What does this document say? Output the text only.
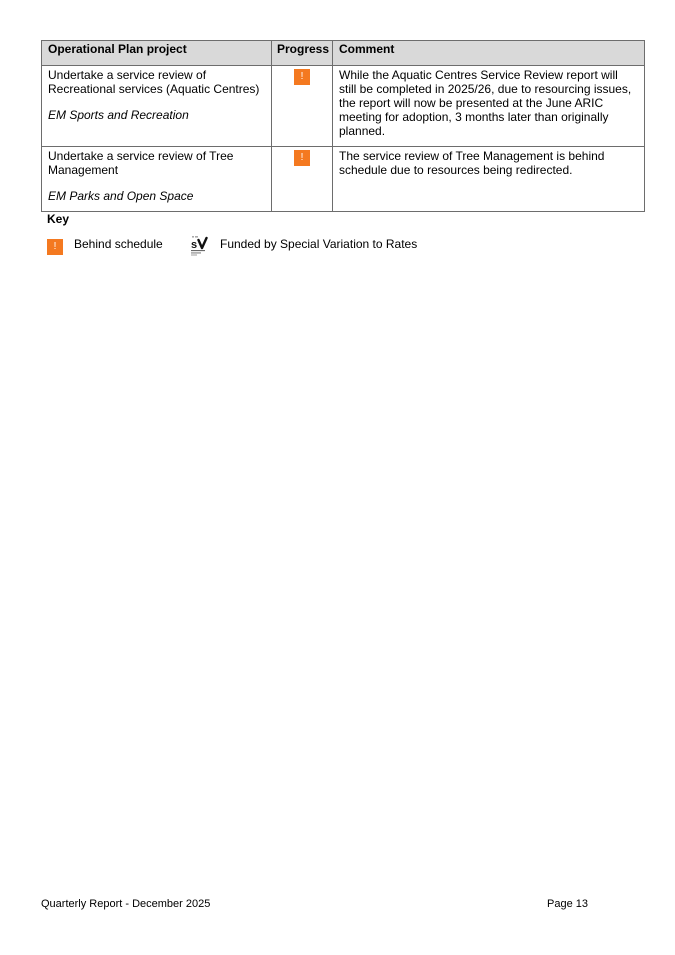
Operational Plan project	Progress	Comment

Undertake a service review of Recreational services (Aquatic Centres)
EM Sports and Recreation	!	While the Aquatic Centres Service Review report will still be completed in 2025/26, due to resourcing issues, the report will now be presented at the June ARIC meeting for adoption, 3 months later than originally planned.

Undertake a service review of Tree Management
EM Parks and Open Space	!	The service review of Tree Management is behind schedule due to resources being redirected.
Key
!	Behind schedule	s Funded by Special Variation to Rates
Quarterly Report - December 2025	Page 13
